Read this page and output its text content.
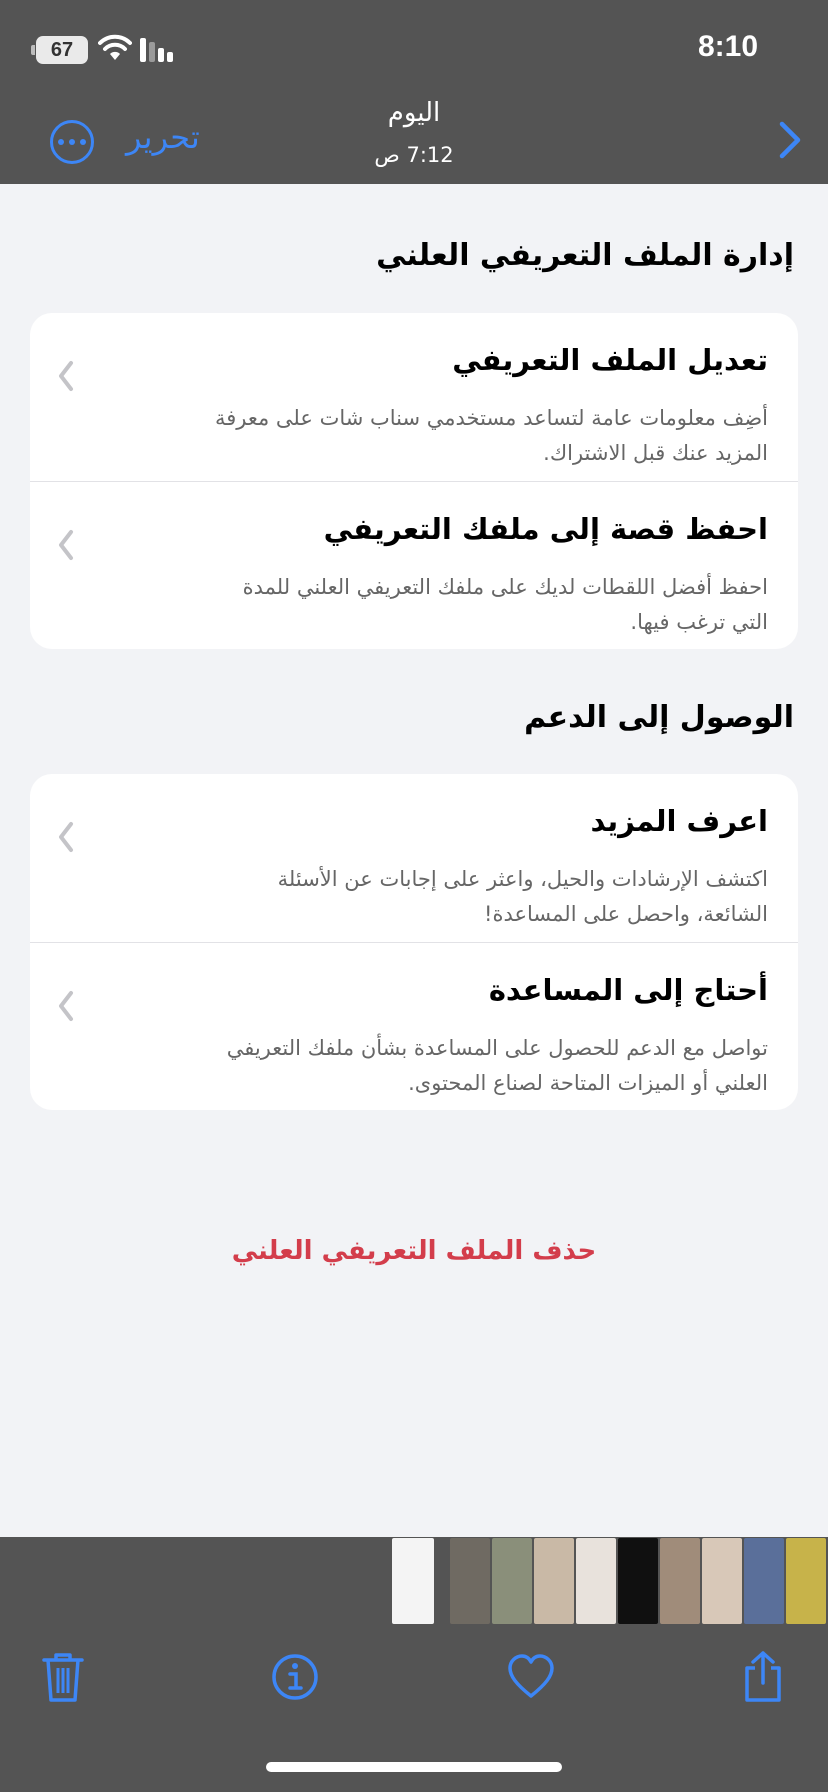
67	8:10
تحرير
اليوم
7:12 ص
إدارة الملف التعريفي العلني
تعديل الملف التعريفي
أضِف معلومات عامة لتساعد مستخدمي سناب شات على معرفة المزيد عنك قبل الاشتراك.
احفظ قصة إلى ملفك التعريفي
احفظ أفضل اللقطات لديك على ملفك التعريفي العلني للمدة التي ترغب فيها.
الوصول إلى الدعم
اعرف المزيد
اكتشف الإرشادات والحيل، واعثر على إجابات عن الأسئلة الشائعة، واحصل على المساعدة!
أحتاج إلى المساعدة
تواصل مع الدعم للحصول على المساعدة بشأن ملفك التعريفي العلني أو الميزات المتاحة لصناع المحتوى.
حذف الملف التعريفي العلني
